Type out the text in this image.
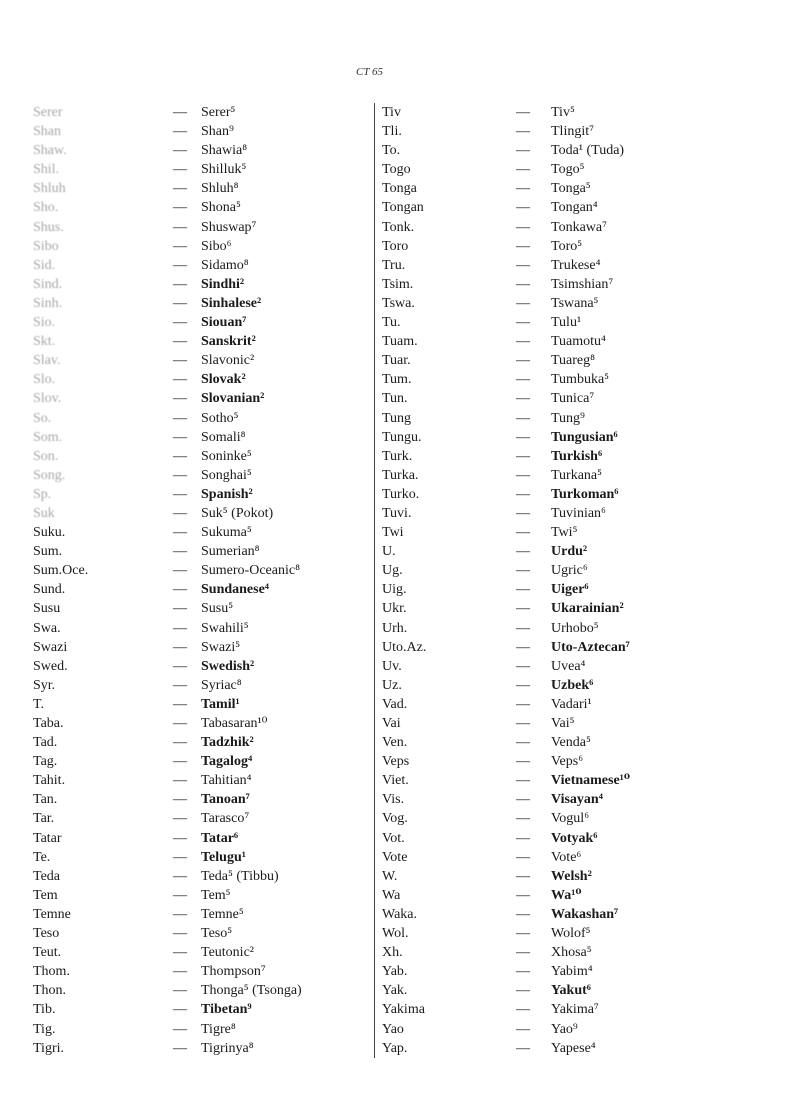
CT 65
Serer	— Serer⁵
Shan	— Shan⁹
Shaw.	— Shawia⁸
Shil.	— Shilluk⁵
Shluh	— Shluh⁸
Sho.	— Shona⁵
Shus.	— Shuswap⁷
Sibo	— Sibo⁶
Sid.	— Sidamo⁸
Sind.	— Sindhi²
Sinh.	— Sinhalese²
Sio.	— Siouan⁷
Skt.	— Sanskrit²
Slav.	— Slavonic²
Slo.	— Slovak²
Slov.	— Slovanian²
So.	— Sotho⁵
Som.	— Somali⁸
Son.	— Soninke⁵
Song.	— Songhai⁵
Sp.	— Spanish²
Suk	— Suk⁵ (Pokot)
Suku.	— Sukuma⁵
Sum.	— Sumerian⁸
Sum.Oce.	— Sumero-Oceanic⁸
Sund.	— Sundanese⁴
Susu	— Susu⁵
Swa.	— Swahili⁵
Swazi	— Swazi⁵
Swed.	— Swedish²
Syr.	— Syriac⁸
T.	— Tamil¹
Taba.	— Tabasaran¹⁰
Tad.	— Tadzhik²
Tag.	— Tagalog⁴
Tahit.	— Tahitian⁴
Tan.	— Tanoan⁷
Tar.	— Tarasco⁷
Tatar	— Tatar⁶
Te.	— Telugu¹
Teda	— Teda⁵ (Tibbu)
Tem	— Tem⁵
Temne	— Temne⁵
Teso	— Teso⁵
Teut.	— Teutonic²
Thom.	— Thompson⁷
Thon.	— Thonga⁵ (Tsonga)
Tib.	— Tibetan⁹
Tig.	— Tigre⁸
Tigri.	— Tigrinya⁸
Tiv	— Tiv⁵
Tli.	— Tlingit⁷
To.	— Toda¹ (Tuda)
Togo	— Togo⁵
Tonga	— Tonga⁵
Tongan	— Tongan⁴
Tonk.	— Tonkawa⁷
Toro	— Toro⁵
Tru.	— Trukese⁴
Tsim.	— Tsimshian⁷
Tswa.	— Tswana⁵
Tu.	— Tulu¹
Tuam.	— Tuamotu⁴
Tuar.	— Tuareg⁸
Tum.	— Tumbuka⁵
Tun.	— Tunica⁷
Tung	— Tung⁹
Tungu.	— Tungusian⁶
Turk.	— Turkish⁶
Turka.	— Turkana⁵
Turko.	— Turkoman⁶
Tuvi.	— Tuvinian⁶
Twi	— Twi⁵
U.	— Urdu²
Ug.	— Ugric⁶
Uig.	— Uiger⁶
Ukr.	— Ukarainian²
Urh.	— Urhobo⁵
Uto.Az.	— Uto-Aztecan⁷
Uv.	— Uvea⁴
Uz.	— Uzbek⁶
Vad.	— Vadari¹
Vai	— Vai⁵
Ven.	— Venda⁵
Veps	— Veps⁶
Viet.	— Vietnamese¹⁰
Vis.	— Visayan⁴
Vog.	— Vogul⁶
Vot.	— Votyak⁶
Vote	— Vote⁶
W.	— Welsh²
Wa	— Wa¹⁰
Waka.	— Wakashan⁷
Wol.	— Wolof⁵
Xh.	— Xhosa⁵
Yab.	— Yabim⁴
Yak.	— Yakut⁶
Yakima	— Yakima⁷
Yao	— Yao⁹
Yap.	— Yapese⁴
